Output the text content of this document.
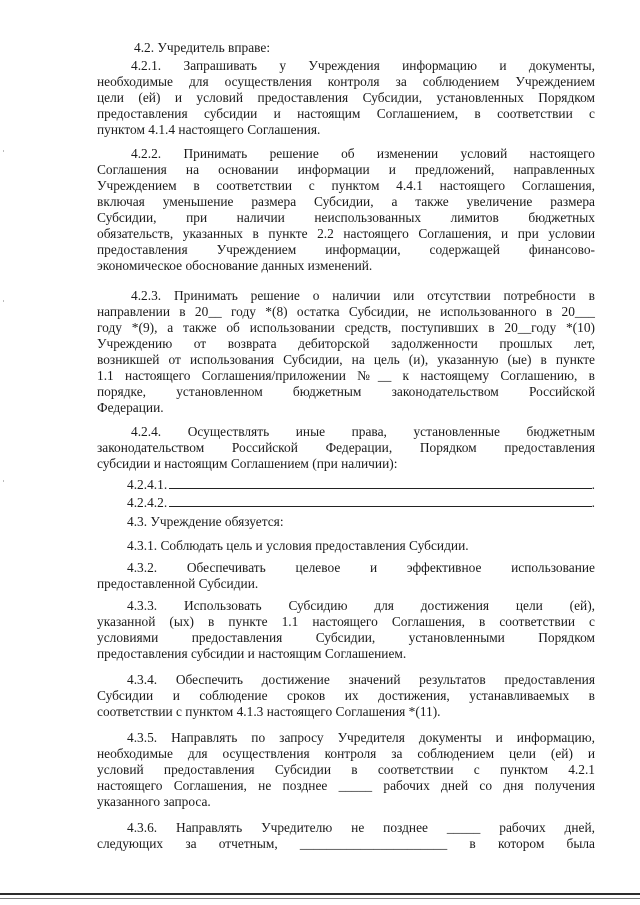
4.2. Учредитель вправе:
4.2.1. Запрашивать у Учреждения информацию и документы,
необходимые для осуществления контроля за соблюдением Учреждением
цели (ей) и условий предоставления Субсидии, установленных Порядком
предоставления субсидии и настоящим Соглашением, в соответствии с
пунктом 4.1.4 настоящего Соглашения.
4.2.2. Принимать решение об изменении условий настоящего
Соглашения на основании информации и предложений, направленных
Учреждением в соответствии с пунктом 4.4.1 настоящего Соглашения,
включая уменьшение размера Субсидии, а также увеличение размера
Субсидии, при наличии неиспользованных лимитов бюджетных
обязательств, указанных в пункте 2.2 настоящего Соглашения, и при условии
предоставления Учреждением информации, содержащей финансово-
экономическое обоснование данных изменений.
4.2.3. Принимать решение о наличии или отсутствии потребности в
направлении в 20__ году *(8) остатка Субсидии, не использованного в 20___
году *(9), а также об использовании средств, поступивших в 20__году *(10)
Учреждению от возврата дебиторской задолженности прошлых лет,
возникшей от использования Субсидии, на цель (и), указанную (ые) в пункте
1.1 настоящего Соглашения/приложении №__ к настоящему Соглашению, в
порядке, установленном бюджетным законодательством Российской
Федерации.
4.2.4. Осуществлять иные права, установленные бюджетным
законодательством Российской Федерации, Порядком предоставления
субсидии и настоящим Соглашением (при наличии):
4.2.4.1.	.
4.2.4.2.	.
4.3. Учреждение обязуется:
4.3.1. Соблюдать цель и условия предоставления Субсидии.
4.3.2. Обеспечивать целевое и эффективное использование
предоставленной Субсидии.
4.3.3. Использовать Субсидию для достижения цели (ей),
указанной (ых) в пункте 1.1 настоящего Соглашения, в соответствии с
условиями предоставления Субсидии, установленными Порядком
предоставления субсидии и настоящим Соглашением.
4.3.4. Обеспечить достижение значений результатов предоставления
Субсидии и соблюдение сроков их достижения, устанавливаемых в
соответствии с пунктом 4.1.3 настоящего Соглашения *(11).
4.3.5. Направлять по запросу Учредителя документы и информацию,
необходимые для осуществления контроля за соблюдением цели (ей) и
условий предоставления Субсидии в соответствии с пунктом 4.2.1
настоящего Соглашения, не позднее _____ рабочих дней со дня получения
указанного запроса.
4.3.6. Направлять Учредителю не позднее _____ рабочих дней,
следующих за отчетным, ______________________ в котором была
